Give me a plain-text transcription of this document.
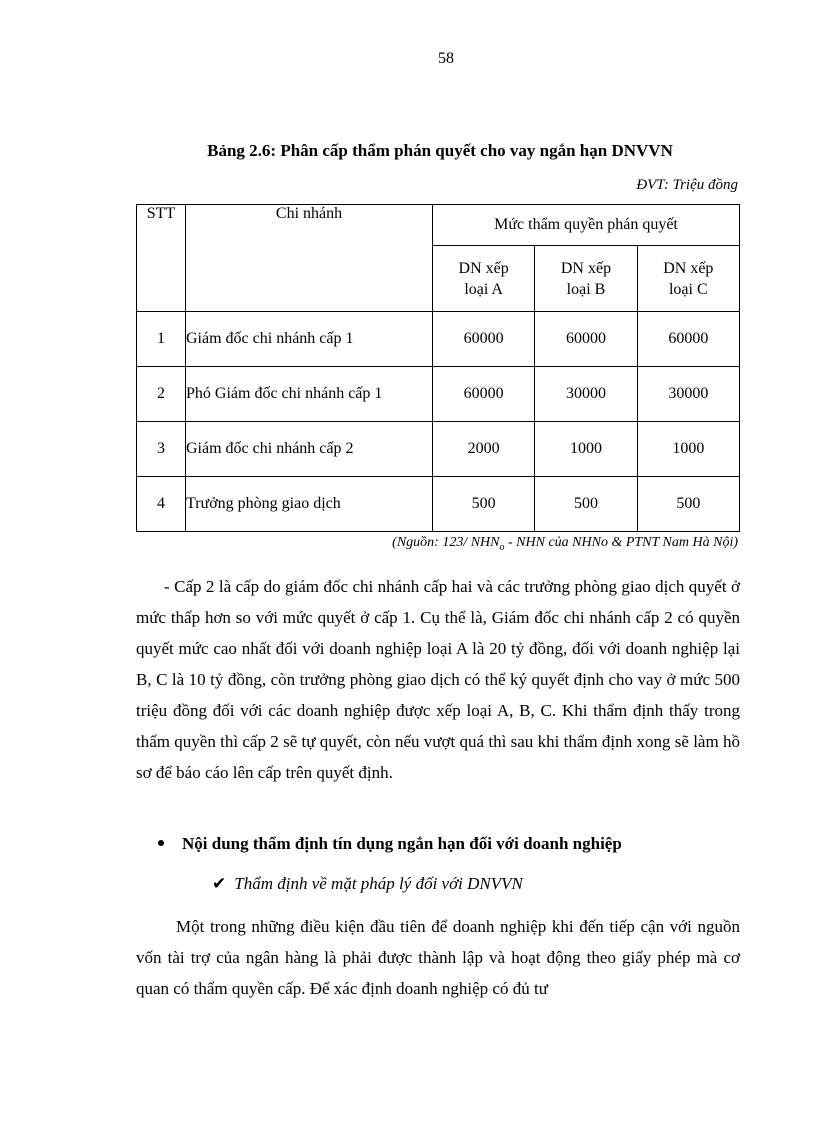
58
Bảng 2.6: Phân cấp thẩm phán quyết cho vay ngắn hạn DNVVN
ĐVT: Triệu đồng
STT	Chi nhánh	Mức thẩm quyền phán quyết		
		DN xếp loại A	DN xếp loại B	DN xếp loại C
1	Giám đốc chi nhánh cấp 1	60000	60000	60000
2	Phó Giám đốc chi nhánh cấp 1	60000	30000	30000
3	Giám đốc chi nhánh cấp 2	2000	1000	1000
4	Trưởng phòng giao dịch	500	500	500
(Nguồn: 123/ $NHN_o$ - NHN của NHNo & PTNT Nam Hà Nội)

- Cấp 2 là cấp do giám đốc chi nhánh cấp hai và các trưởng phòng giao dịch quyết ở mức thấp hơn so với mức quyết ở cấp 1. Cụ thể là, Giám đốc chi nhánh cấp 2 có quyền quyết mức cao nhất đối với doanh nghiệp loại A là 20 tỷ đồng, đối với doanh nghiệp lại B, C là 10 tỷ đồng, còn trưởng phòng giao dịch có thể ký quyết định cho vay ở mức 500 triệu đồng đối với các doanh nghiệp được xếp loại A, B, C. Khi thẩm định thấy trong thẩm quyền thì cấp 2 sẽ tự quyết, còn nếu vượt quá thì sau khi thẩm định xong sẽ làm hồ sơ để báo cáo lên cấp trên quyết định.

Nội dung thẩm định tín dụng ngắn hạn đối với doanh nghiệp
✔ Thẩm định về mặt pháp lý đối với DNVVN

Một trong những điều kiện đầu tiên để doanh nghiệp khi đến tiếp cận với nguồn vốn tài trợ của ngân hàng là phải được thành lập và hoạt động theo giấy phép mà cơ quan có thẩm quyền cấp. Để xác định doanh nghiệp có đủ tư
